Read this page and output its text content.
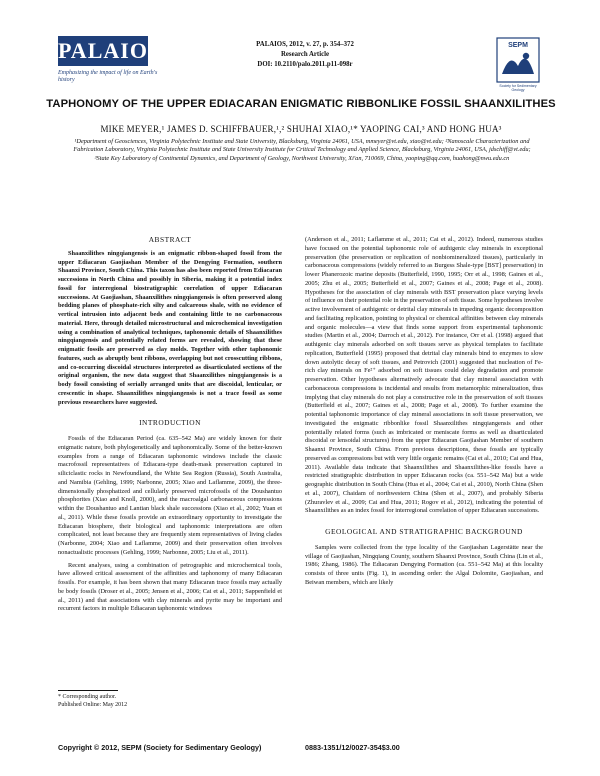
PALAIOS
Emphasizing the impact of life on Earth's history
PALAIOS, 2012, v. 27, p. 354–372
Research Article
DOI: 10.2110/palo.2011.p11-098r
SEPM
Society for Sedimentary Geology
TAPHONOMY OF THE UPPER EDIACARAN ENIGMATIC RIBBONLIKE FOSSIL SHAANXILITHES
MIKE MEYER,¹ JAMES D. SCHIFFBAUER,¹,² SHUHAI XIAO,¹* YAOPING CAI,³ AND HONG HUA³
¹Department of Geosciences, Virginia Polytechnic Institute and State University, Blacksburg, Virginia 24061, USA, mmeyer@vt.edu, xiao@vt.edu; ²Nanoscale Characterization and Fabrication Laboratory, Virginia Polytechnic Institute and State University Institute for Critical Technology and Applied Science, Blacksburg, Virginia 24061, USA, jdschiff@vt.edu; ³State Key Laboratory of Continental Dynamics, and Department of Geology, Northwest University, Xi'an, 710069, China, yaoping@qq.com, huahong@nwu.edu.cn
ABSTRACT

Shaanxilithes ningqiangensis is an enigmatic ribbon-shaped fossil from the upper Ediacaran Gaojiashan Member of the Dengying Formation, southern Shaanxi Province, South China. This taxon has also been reported from Ediacaran successions in North China and possibly in Siberia, making it a potential index fossil for interregional biostratigraphic correlation of upper Ediacaran successions. At Gaojiashan, Shaanxilithes ningqiangensis is often preserved along bedding planes of phosphate-rich silty and calcareous shale, with no evidence of vertical intrusion into adjacent beds and containing little to no carbonaceous material. Here, through detailed microstructural and microchemical investigation using a combination of analytical techniques, taphonomic details of Shaanxilithes ningqiangensis and potentially related forms are revealed, showing that these enigmatic fossils are preserved as clay molds. Together with other taphonomic features, such as abruptly bent ribbons, overlapping but not crosscutting ribbons, and co-occurring discoidal structures interpreted as disarticulated sections of the original organism, the new data suggest that Shaanxilithes ningqiangensis is a body fossil consisting of serially arranged units that are discoidal, lenticular, or crescentic in shape. Shaanxilithes ningqiangensis is not a trace fossil as some previous researchers have suggested.

INTRODUCTION

Fossils of the Ediacaran Period (ca. 635–542 Ma) are widely known for their enigmatic nature, both phylogenetically and taphonomically. Some of the better-known examples from a range of Ediacaran taphonomic windows include the classic macrofossil representatives of Ediacara-type death-mask preservation captured in siliciclastic rocks in Newfoundland, the White Sea Region (Russia), South Australia, and Namibia (Gehling, 1999; Narbonne, 2005; Xiao and Laflamme, 2009), the three-dimensionally phosphatized and cellularly preserved microfossils of the Doushantuo phosphorites (Xiao and Knoll, 2000), and the macroalgal carbonaceous compressions within the Doushantuo and Lantian black shale successions (Xiao et al., 2002; Yuan et al., 2011). While these fossils provide an extraordinary opportunity to investigate the Ediacaran biosphere, their biological and taphonomic interpretations are often complicated, not least because they are frequently stem representatives of living clades (Narbonne, 2004; Xiao and Laflamme, 2009) and their preservation often involves nonactualistic processes (Gehling, 1999; Narbonne, 2005; Liu et al., 2011).

Recent analyses, using a combination of petrographic and microchemical tools, have allowed critical assessment of the affinities and taphonomy of many Ediacaran fossils. For example, it has been shown that many Ediacaran trace fossils may actually be body fossils (Droser et al., 2005; Jensen et al., 2006; Cai et al., 2011; Sappenfield et al., 2011) and that associations with clay minerals and pyrite may be important and recurrent factors in multiple Ediacaran taphonomic windows

* Corresponding author.
Published Online: May 2012

(Anderson et al., 2011; Laflamme et al., 2011; Cai et al., 2012). Indeed, numerous studies have focused on the potential taphonomic role of authigenic clay minerals in exceptional preservation (the preservation or replication of nonbiomineralized tissues), particularly in carbonaceous compressions (widely referred to as Burgess Shale-type [BST] preservation) in lower Phanerozoic marine deposits (Butterfield, 1990, 1995; Orr et al., 1998; Gaines et al., 2005; Zhu et al., 2005; Butterfield et al., 2007; Gaines et al., 2008; Page et al., 2008). Hypotheses for the association of clay minerals with BST preservation place varying levels of influence on their potential role in the preservation of soft tissue. Some hypotheses involve active involvement of authigenic or detrital clay minerals in impeding organic decomposition and facilitating replication, pointing to physical or chemical affinities between clay minerals and organic molecules—a view that finds some support from experimental taphonomic studies (Martin et al., 2004; Darroch et al., 2012). For instance, Orr et al. (1998) argued that authigenic clay minerals adsorbed on soft tissues serve as physical templates to facilitate replication, Butterfield (1995) proposed that detrital clay minerals bind to enzymes to slow down autolytic decay of soft tissues, and Petrovich (2001) suggested that nucleation of Fe-rich clay minerals on Fe²⁺ adsorbed on soft tissues could delay degradation and promote preservation. Other hypotheses alternatively advocate that clay mineral association with carbonaceous compressions is incidental and results from metamorphic mineralization, thus implying that clay minerals do not play a constructive role in the preservation of soft tissues (Butterfield et al., 2007; Gaines et al., 2008; Page et al., 2008). To further examine the potential taphonomic importance of clay mineral associations in soft tissue preservation, we investigated the enigmatic ribbonlike fossil Shaanxilithes ningqiangensis and other potentially related forms (such as imbricated or meniscate forms as well as disarticulated discoidal or lensoidal structures) from the upper Ediacaran Gaojiashan Member of southern Shaanxi Province, South China. From previous descriptions, these fossils are typically preserved as compressions but with very little organic remains (Cai et al., 2010; Cai and Hua, 2011). Available data indicate that Shaanxilithes and Shaanxilithes-like fossils have a restricted stratigraphic distribution in upper Ediacaran rocks (ca. 551–542 Ma) but a wide geographic distribution in South China (Hua et al., 2004; Cai et al., 2010), North China (Shen et al., 2007), Chaidam of northwestern China (Shen et al., 2007), and probably Siberia (Zhuravlev et al., 2009; Cai and Hua, 2011; Rogov et al., 2012), indicating the potential of Shaanxilithes as an index fossil for interregional correlation of upper Ediacaran successions.

GEOLOGICAL AND STRATIGRAPHIC BACKGROUND

Samples were collected from the type locality of the Gaojiashan Lagerstätte near the village of Gaojiashan, Ningqiang County, southern Shaanxi Province, South China (Lin et al., 1986; Zhang, 1986). The Ediacaran Dengying Formation (ca. 551–542 Ma) at this locality consists of three units (Fig. 1), in ascending order: the Algal Dolomite, Gaojiashan, and Beiwan members, which are likely

Copyright © 2012, SEPM (Society for Sedimentary Geology)	0883-1351/12/0027-354$3.00
